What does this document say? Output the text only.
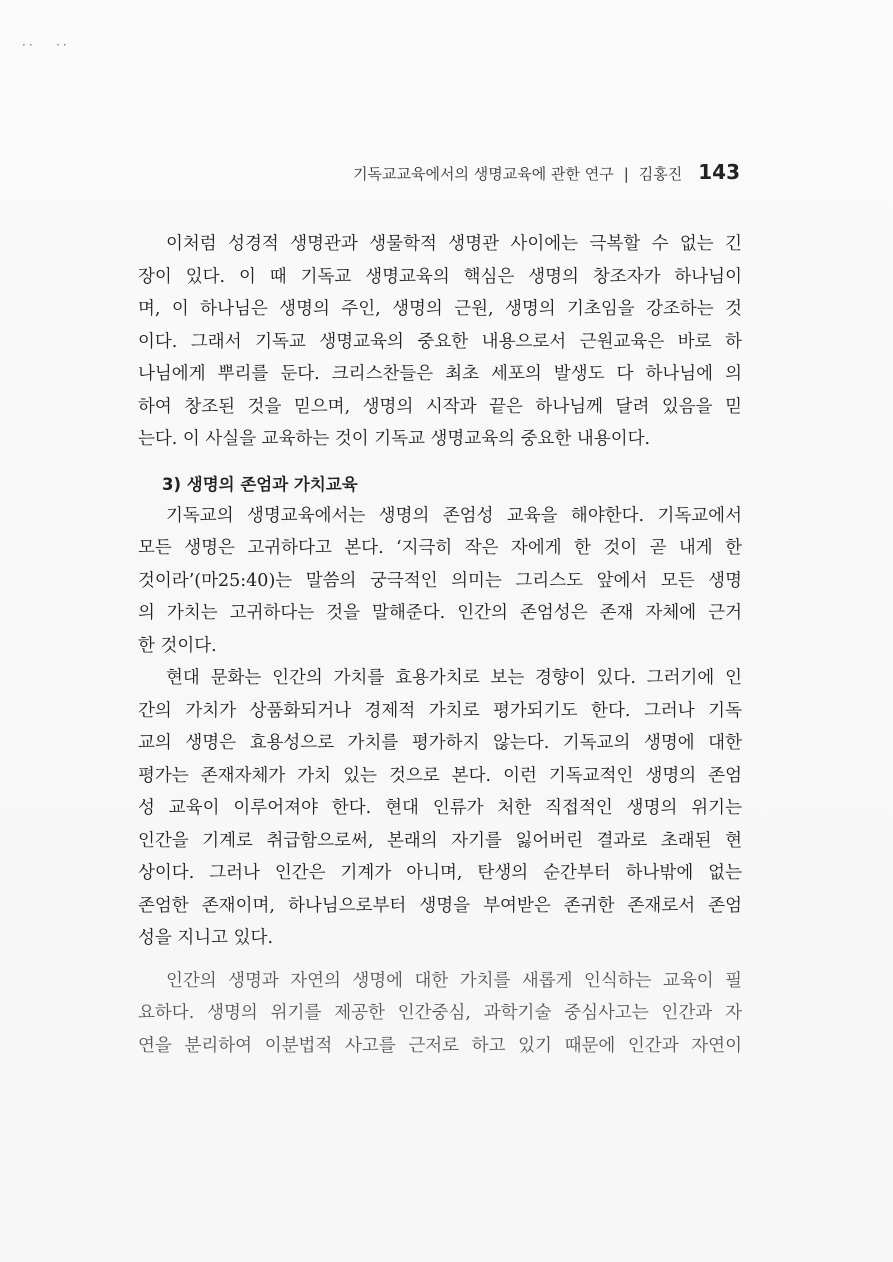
··   ··
기독교교육에서의 생명교육에 관한 연구 | 김홍진 143
이처럼 성경적 생명관과 생물학적 생명관 사이에는 극복할 수 없는 긴
장이 있다. 이 때 기독교 생명교육의 핵심은 생명의 창조자가 하나님이
며, 이 하나님은 생명의 주인, 생명의 근원, 생명의 기초임을 강조하는 것
이다. 그래서 기독교 생명교육의 중요한 내용으로서 근원교육은 바로 하
나님에게 뿌리를 둔다. 크리스찬들은 최초 세포의 발생도 다 하나님에 의
하여 창조된 것을 믿으며, 생명의 시작과 끝은 하나님께 달려 있음을 믿
는다. 이 사실을 교육하는 것이 기독교 생명교육의 중요한 내용이다.
3) 생명의 존엄과 가치교육
기독교의 생명교육에서는 생명의 존엄성 교육을 해야한다. 기독교에서
모든 생명은 고귀하다고 본다. ‘지극히 작은 자에게 한 것이 곧 내게 한
것이라’(마25:40)는 말씀의 궁극적인 의미는 그리스도 앞에서 모든 생명
의 가치는 고귀하다는 것을 말해준다. 인간의 존엄성은 존재 자체에 근거
한 것이다.
현대 문화는 인간의 가치를 효용가치로 보는 경향이 있다. 그러기에 인
간의 가치가 상품화되거나 경제적 가치로 평가되기도 한다. 그러나 기독
교의 생명은 효용성으로 가치를 평가하지 않는다. 기독교의 생명에 대한
평가는 존재자체가 가치 있는 것으로 본다. 이런 기독교적인 생명의 존엄
성 교육이 이루어져야 한다. 현대 인류가 처한 직접적인 생명의 위기는
인간을 기계로 취급함으로써, 본래의 자기를 잃어버린 결과로 초래된 현
상이다. 그러나 인간은 기계가 아니며, 탄생의 순간부터 하나밖에 없는
존엄한 존재이며, 하나님으로부터 생명을 부여받은 존귀한 존재로서 존엄
성을 지니고 있다.
인간의 생명과 자연의 생명에 대한 가치를 새롭게 인식하는 교육이 필
요하다. 생명의 위기를 제공한 인간중심, 과학기술 중심사고는 인간과 자
연을 분리하여 이분법적 사고를 근저로 하고 있기 때문에 인간과 자연이
